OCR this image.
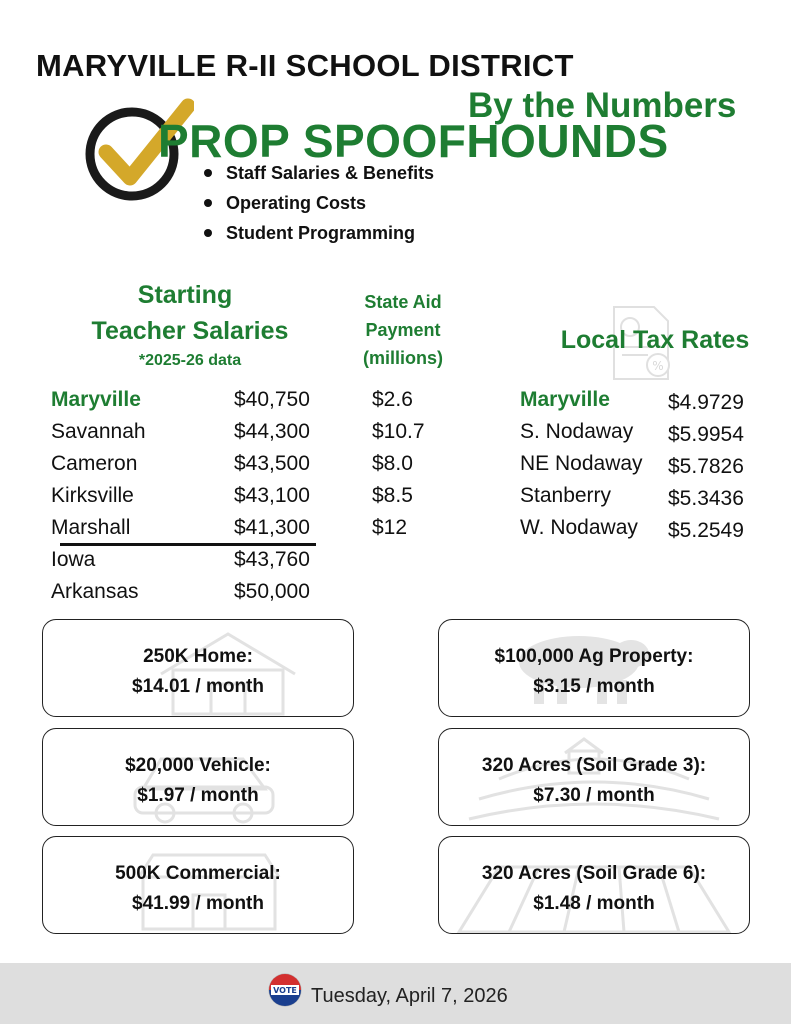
MARYVILLE R-II SCHOOL DISTRICT
By the Numbers
PROP SPOOFHOUNDS
Staff Salaries & Benefits
Operating Costs
Student Programming
Starting
Teacher Salaries
*2025-26 data
State Aid Payment (millions)	%
Local Tax Rates
Maryville	$40,750
Savannah	$44,300
Cameron	$43,500
Kirksville	$43,100
Marshall	$41,300
Iowa	$43,760
Arkansas	$50,000
$2.6
$10.7
$8.0
$8.5
$12
Maryville	$4.9729
S. Nodaway $5.9954
NE Nodaway $5.7826
Stanberry	$5.3436
W. Nodaway $5.2549
250K Home:
$14.01 / month
$100,000 Ag Property:
$3.15 / month
$20,000 Vehicle:
$1.97 / month
320 Acres (Soil Grade 3):
$7.30 / month
500K Commercial:
$41.99 / month
320 Acres (Soil Grade 6):
$1.48 / month
VOTE Tuesday, April 7, 2026
